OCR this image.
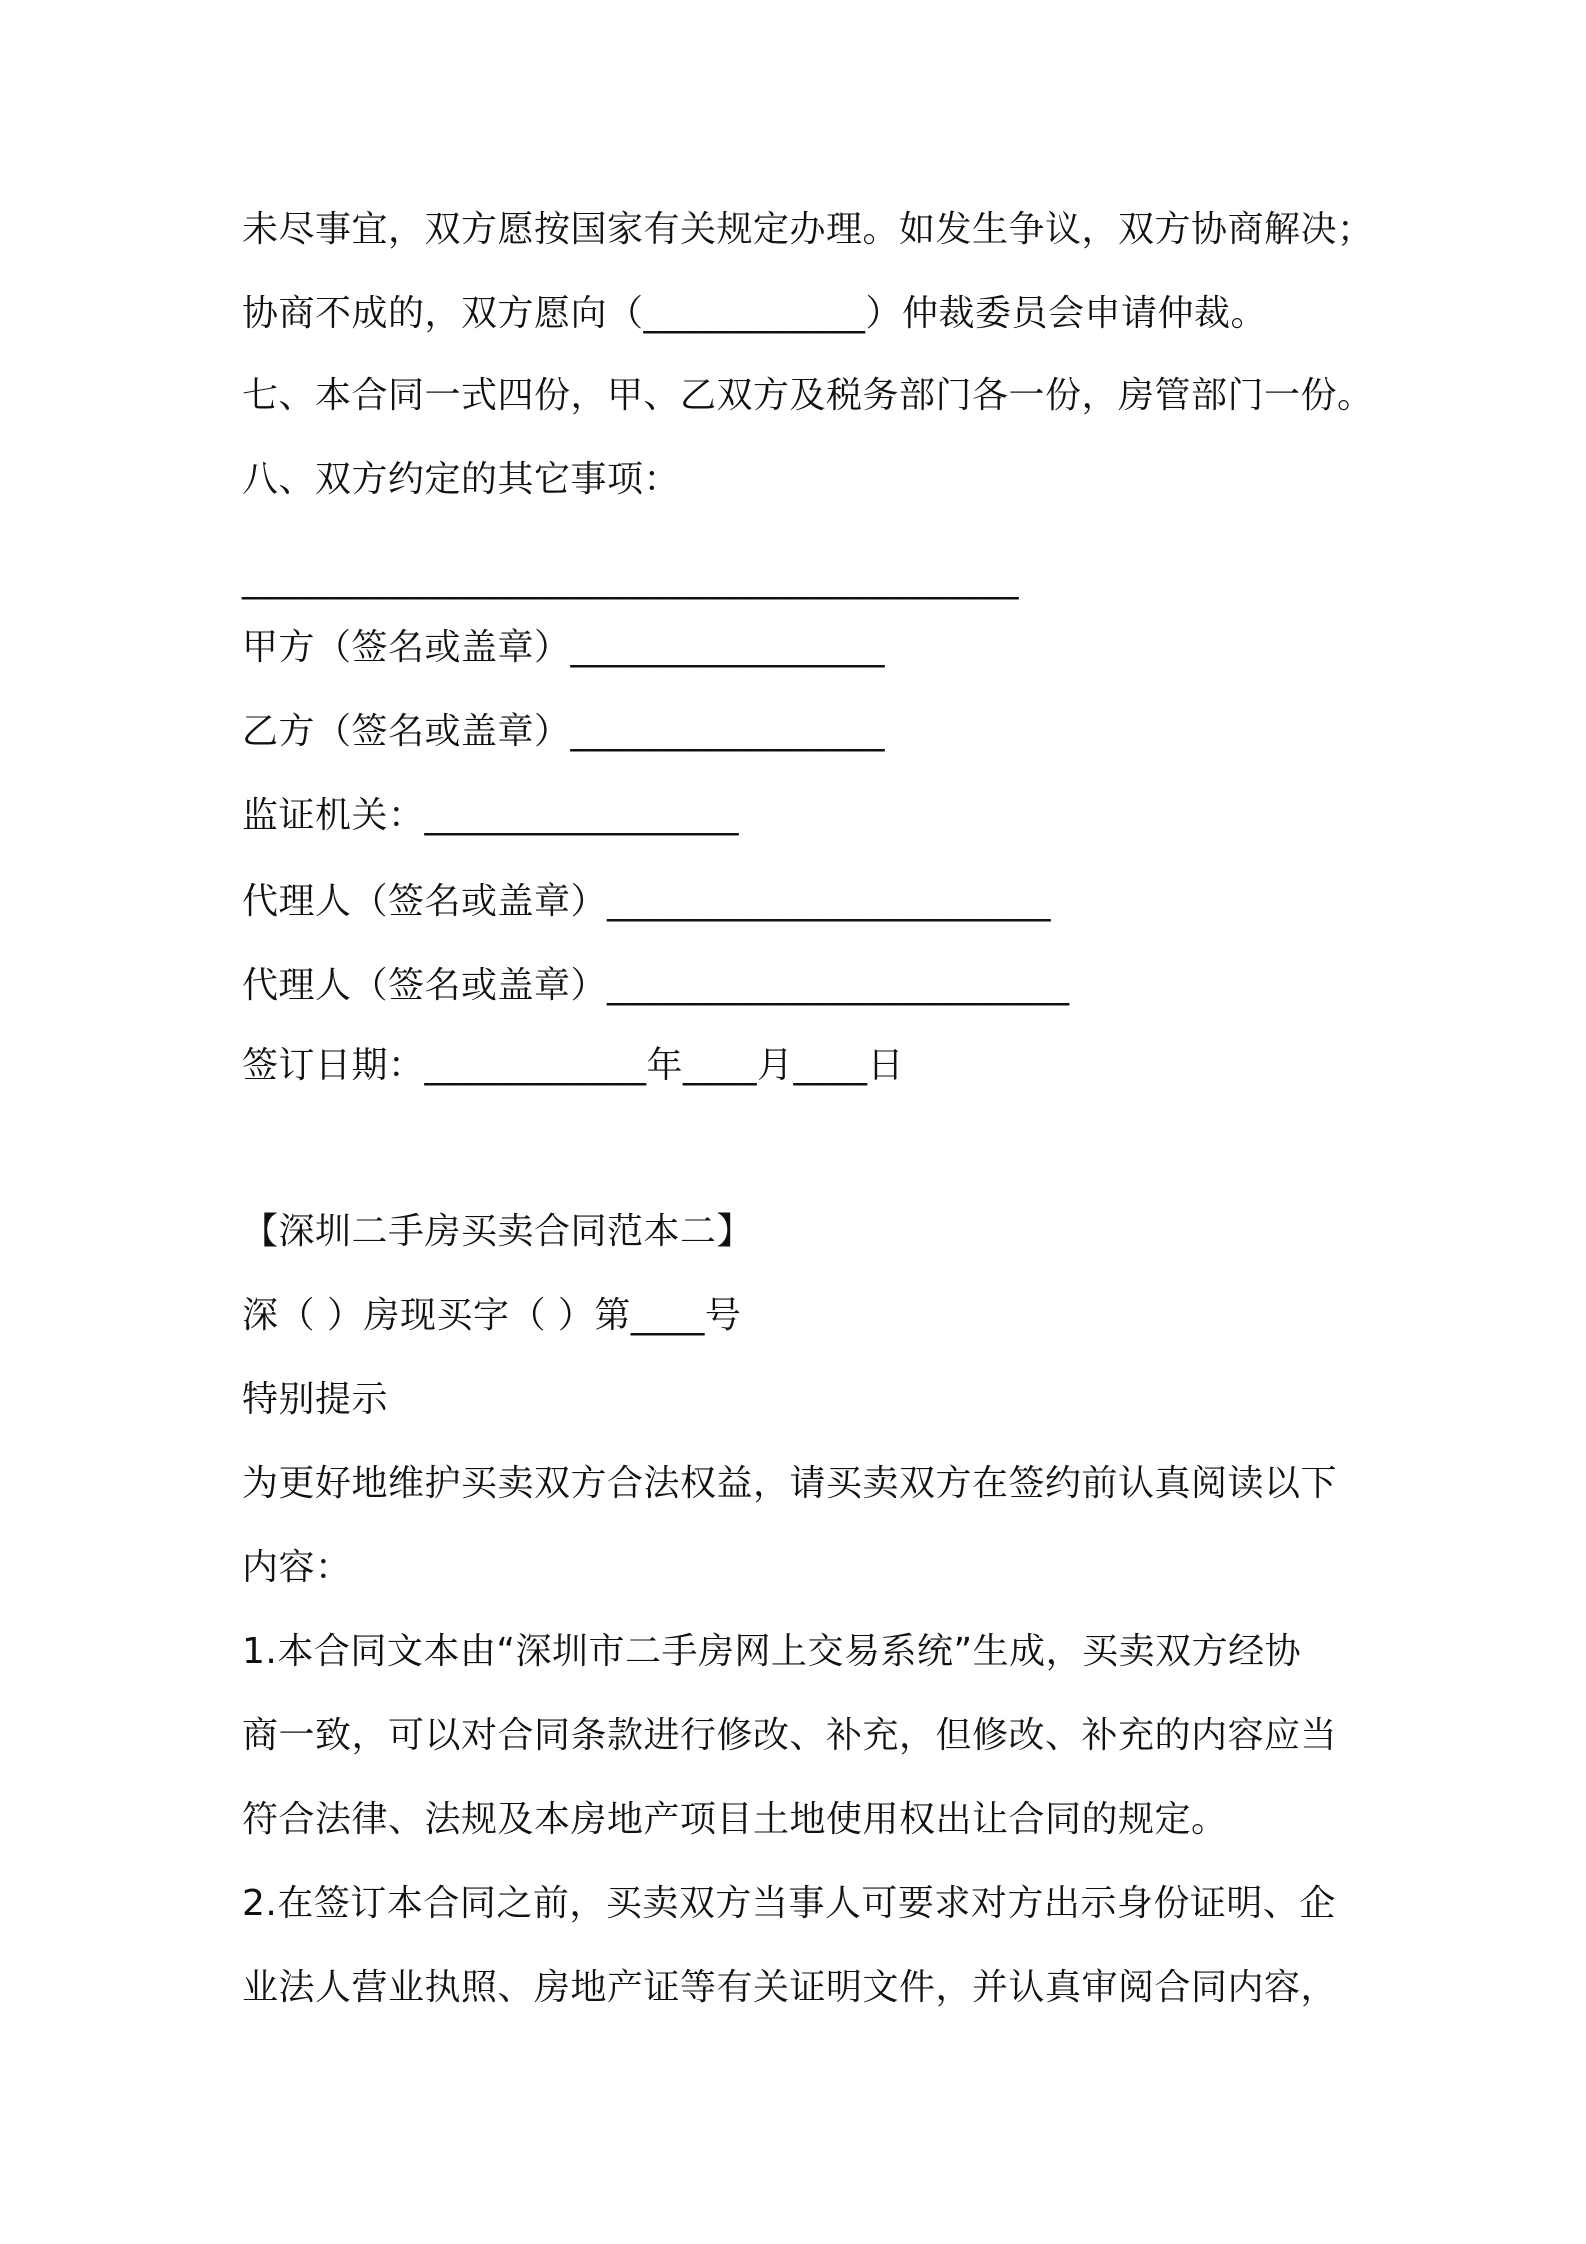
未尽事宜，双方愿按国家有关规定办理。如发生争议，双方协商解决；
协商不成的，双方愿向（____________）仲裁委员会申请仲裁。
七、本合同一式四份，甲、乙双方及税务部门各一份，房管部门一份。
八、双方约定的其它事项：
__________________________________________
甲方（签名或盖章）_________________
乙方（签名或盖章）_________________
监证机关：_________________
代理人（签名或盖章）________________________
代理人（签名或盖章）_________________________
签订日期：____________年____月____日
【深圳二手房买卖合同范本二】
深（ ）房现买字（ ）第____号
特别提示
为更好地维护买卖双方合法权益，请买卖双方在签约前认真阅读以下
内容：
1.本合同文本由“深圳市二手房网上交易系统”生成，买卖双方经协
商一致，可以对合同条款进行修改、补充，但修改、补充的内容应当
符合法律、法规及本房地产项目土地使用权出让合同的规定。
2.在签订本合同之前，买卖双方当事人可要求对方出示身份证明、企
业法人营业执照、房地产证等有关证明文件，并认真审阅合同内容，
